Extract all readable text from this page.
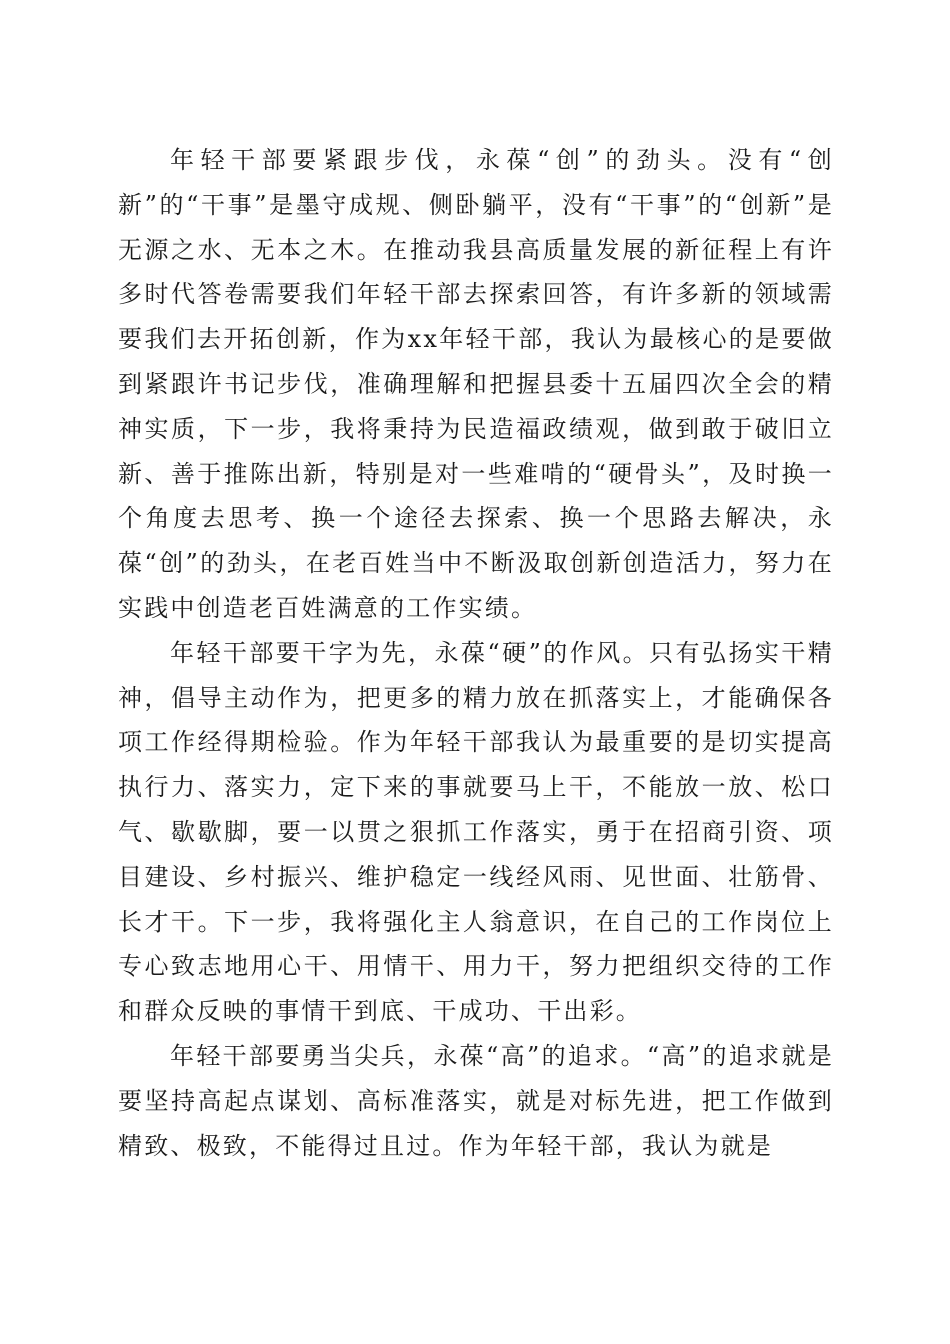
年轻干部要紧跟步伐，永葆“创”的劲头。没有“创新”的“干事”是墨守成规、侧卧躺平，没有“干事”的“创新”是无源之水、无本之木。在推动我县高质量发展的新征程上有许多时代答卷需要我们年轻干部去探索回答，有许多新的领域需要我们去开拓创新，作为xx年轻干部，我认为最核心的是要做到紧跟许书记步伐，准确理解和把握县委十五届四次全会的精神实质，下一步，我将秉持为民造福政绩观，做到敢于破旧立新、善于推陈出新，特别是对一些难啃的“硬骨头”，及时换一个角度去思考、换一个途径去探索、换一个思路去解决，永葆“创”的劲头，在老百姓当中不断汲取创新创造活力，努力在实践中创造老百姓满意的工作实绩。

年轻干部要干字为先，永葆“硬”的作风。只有弘扬实干精神，倡导主动作为，把更多的精力放在抓落实上，才能确保各项工作经得期检验。作为年轻干部我认为最重要的是切实提高执行力、落实力，定下来的事就要马上干，不能放一放、松口气、歇歇脚，要一以贯之狠抓工作落实，勇于在招商引资、项目建设、乡村振兴、维护稳定一线经风雨、见世面、壮筋骨、长才干。下一步，我将强化主人翁意识，在自己的工作岗位上专心致志地用心干、用情干、用力干，努力把组织交待的工作和群众反映的事情干到底、干成功、干出彩。

年轻干部要勇当尖兵，永葆“高”的追求。“高”的追求就是要坚持高起点谋划、高标准落实，就是对标先进，把工作做到精致、极致，不能得过且过。作为年轻干部，我认为就是
